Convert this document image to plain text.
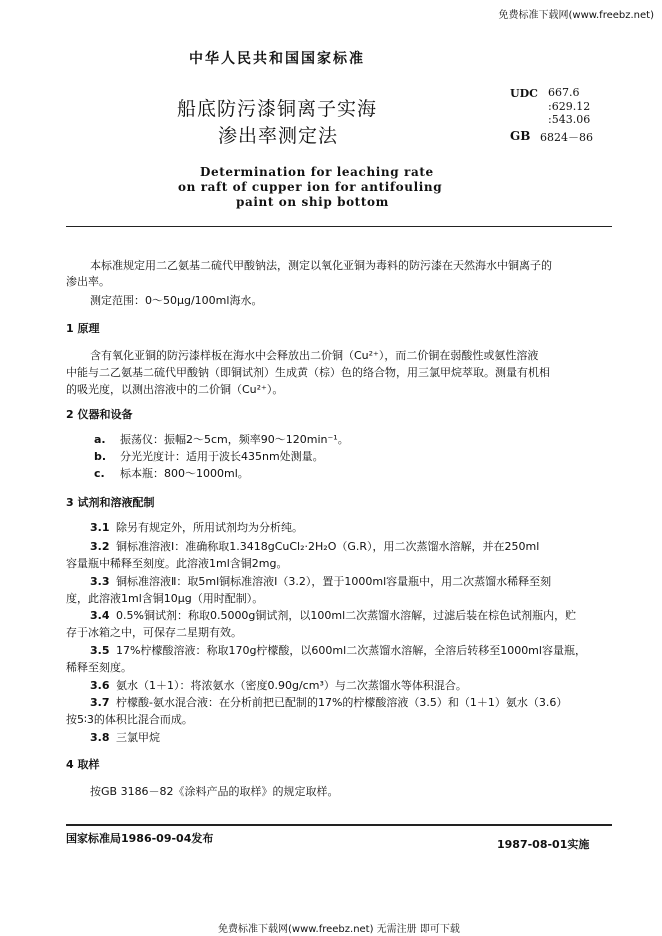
免费标准下载网(www.freebz.net)
中华人民共和国国家标准
船底防污漆铜离子实海
渗出率测定法
UDC 667.6
:629.12
:543.06
GB 6824－86
Determination for leaching rate
on raft of cupper ion for antifouling
paint on ship bottom
本标准规定用二乙氨基二硫代甲酸钠法，测定以氧化亚铜为毒料的防污漆在天然海水中铜离子的
渗出率。
测定范围：0～50μg/100ml海水。
1 原理
含有氧化亚铜的防污漆样板在海水中会释放出二价铜（Cu²⁺），而二价铜在弱酸性或氨性溶液
中能与二乙氨基二硫代甲酸钠（即铜试剂）生成黄（棕）色的络合物，用三氯甲烷萃取。测量有机相
的吸光度，以测出溶液中的二价铜（Cu²⁺）。
2 仪器和设备
a. 振荡仪：振幅2～5cm，频率90～120min⁻¹。
b. 分光光度计：适用于波长435nm处测量。
c. 标本瓶：800～1000ml。
3 试剂和溶液配制
3.1 除另有规定外，所用试剂均为分析纯。
3.2 铜标准溶液Ⅰ：准确称取1.3418gCuCl₂·2H₂O（G.R），用二次蒸馏水溶解，并在250ml
容量瓶中稀释至刻度。此溶液1ml含铜2mg。
3.3 铜标准溶液Ⅱ：取5ml铜标准溶液Ⅰ（3.2），置于1000ml容量瓶中，用二次蒸馏水稀释至刻
度，此溶液1ml含铜10μg（用时配制）。
3.4 0.5%铜试剂：称取0.5000g铜试剂，以100ml二次蒸馏水溶解，过滤后装在棕色试剂瓶内，贮
存于冰箱之中，可保存二星期有效。
3.5 17%柠檬酸溶液：称取170g柠檬酸，以600ml二次蒸馏水溶解，全溶后转移至1000ml容量瓶，
稀释至刻度。
3.6 氨水（1＋1）：将浓氨水（密度0.90g/cm³）与二次蒸馏水等体积混合。
3.7 柠檬酸-氨水混合液：在分析前把已配制的17%的柠檬酸溶液（3.5）和（1＋1）氨水（3.6）
按5∶3的体积比混合而成。
3.8 三氯甲烷
4 取样
按GB 3186－82《涂料产品的取样》的规定取样。
国家标准局1986-09-04发布	1987-08-01实施
免费标准下载网(www.freebz.net) 无需注册 即可下载
